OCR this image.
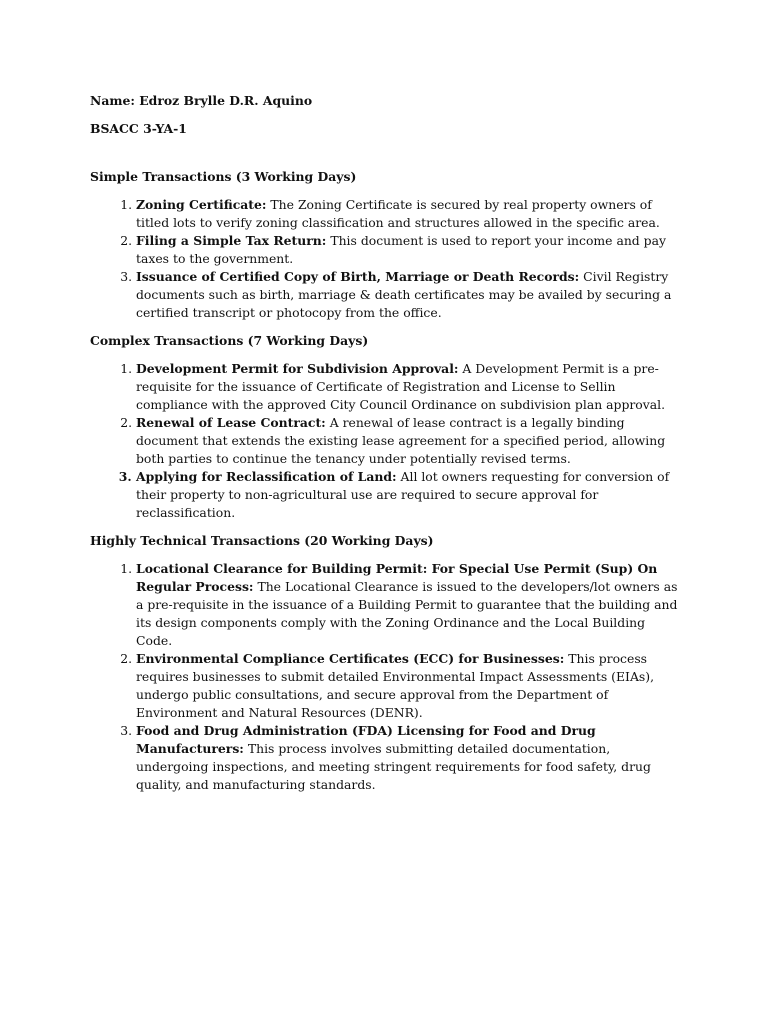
Name: Edroz Brylle D.R. Aquino

BSACC 3-YA-1

Simple Transactions (3 Working Days)

1. Zoning Certificate: The Zoning Certificate is secured by real property owners of titled lots to verify zoning classification and structures allowed in the specific area.
2. Filing a Simple Tax Return: This document is used to report your income and pay taxes to the government.
3. Issuance of Certified Copy of Birth, Marriage or Death Records: Civil Registry documents such as birth, marriage & death certificates may be availed by securing a certified transcript or photocopy from the office.

Complex Transactions (7 Working Days)

1. Development Permit for Subdivision Approval: A Development Permit is a pre-requisite for the issuance of Certificate of Registration and License to Sellin compliance with the approved City Council Ordinance on subdivision plan approval.
2. Renewal of Lease Contract: A renewal of lease contract is a legally binding document that extends the existing lease agreement for a specified period, allowing both parties to continue the tenancy under potentially revised terms.
3. Applying for Reclassification of Land: All lot owners requesting for conversion of their property to non-agricultural use are required to secure approval for reclassification.

Highly Technical Transactions (20 Working Days)

1. Locational Clearance for Building Permit: For Special Use Permit (Sup) On Regular Process: The Locational Clearance is issued to the developers/lot owners as a pre-requisite in the issuance of a Building Permit to guarantee that the building and its design components comply with the Zoning Ordinance and the Local Building Code.
2. Environmental Compliance Certificates (ECC) for Businesses: This process requires businesses to submit detailed Environmental Impact Assessments (EIAs), undergo public consultations, and secure approval from the Department of Environment and Natural Resources (DENR).
3. Food and Drug Administration (FDA) Licensing for Food and Drug Manufacturers: This process involves submitting detailed documentation, undergoing inspections, and meeting stringent requirements for food safety, drug quality, and manufacturing standards.
